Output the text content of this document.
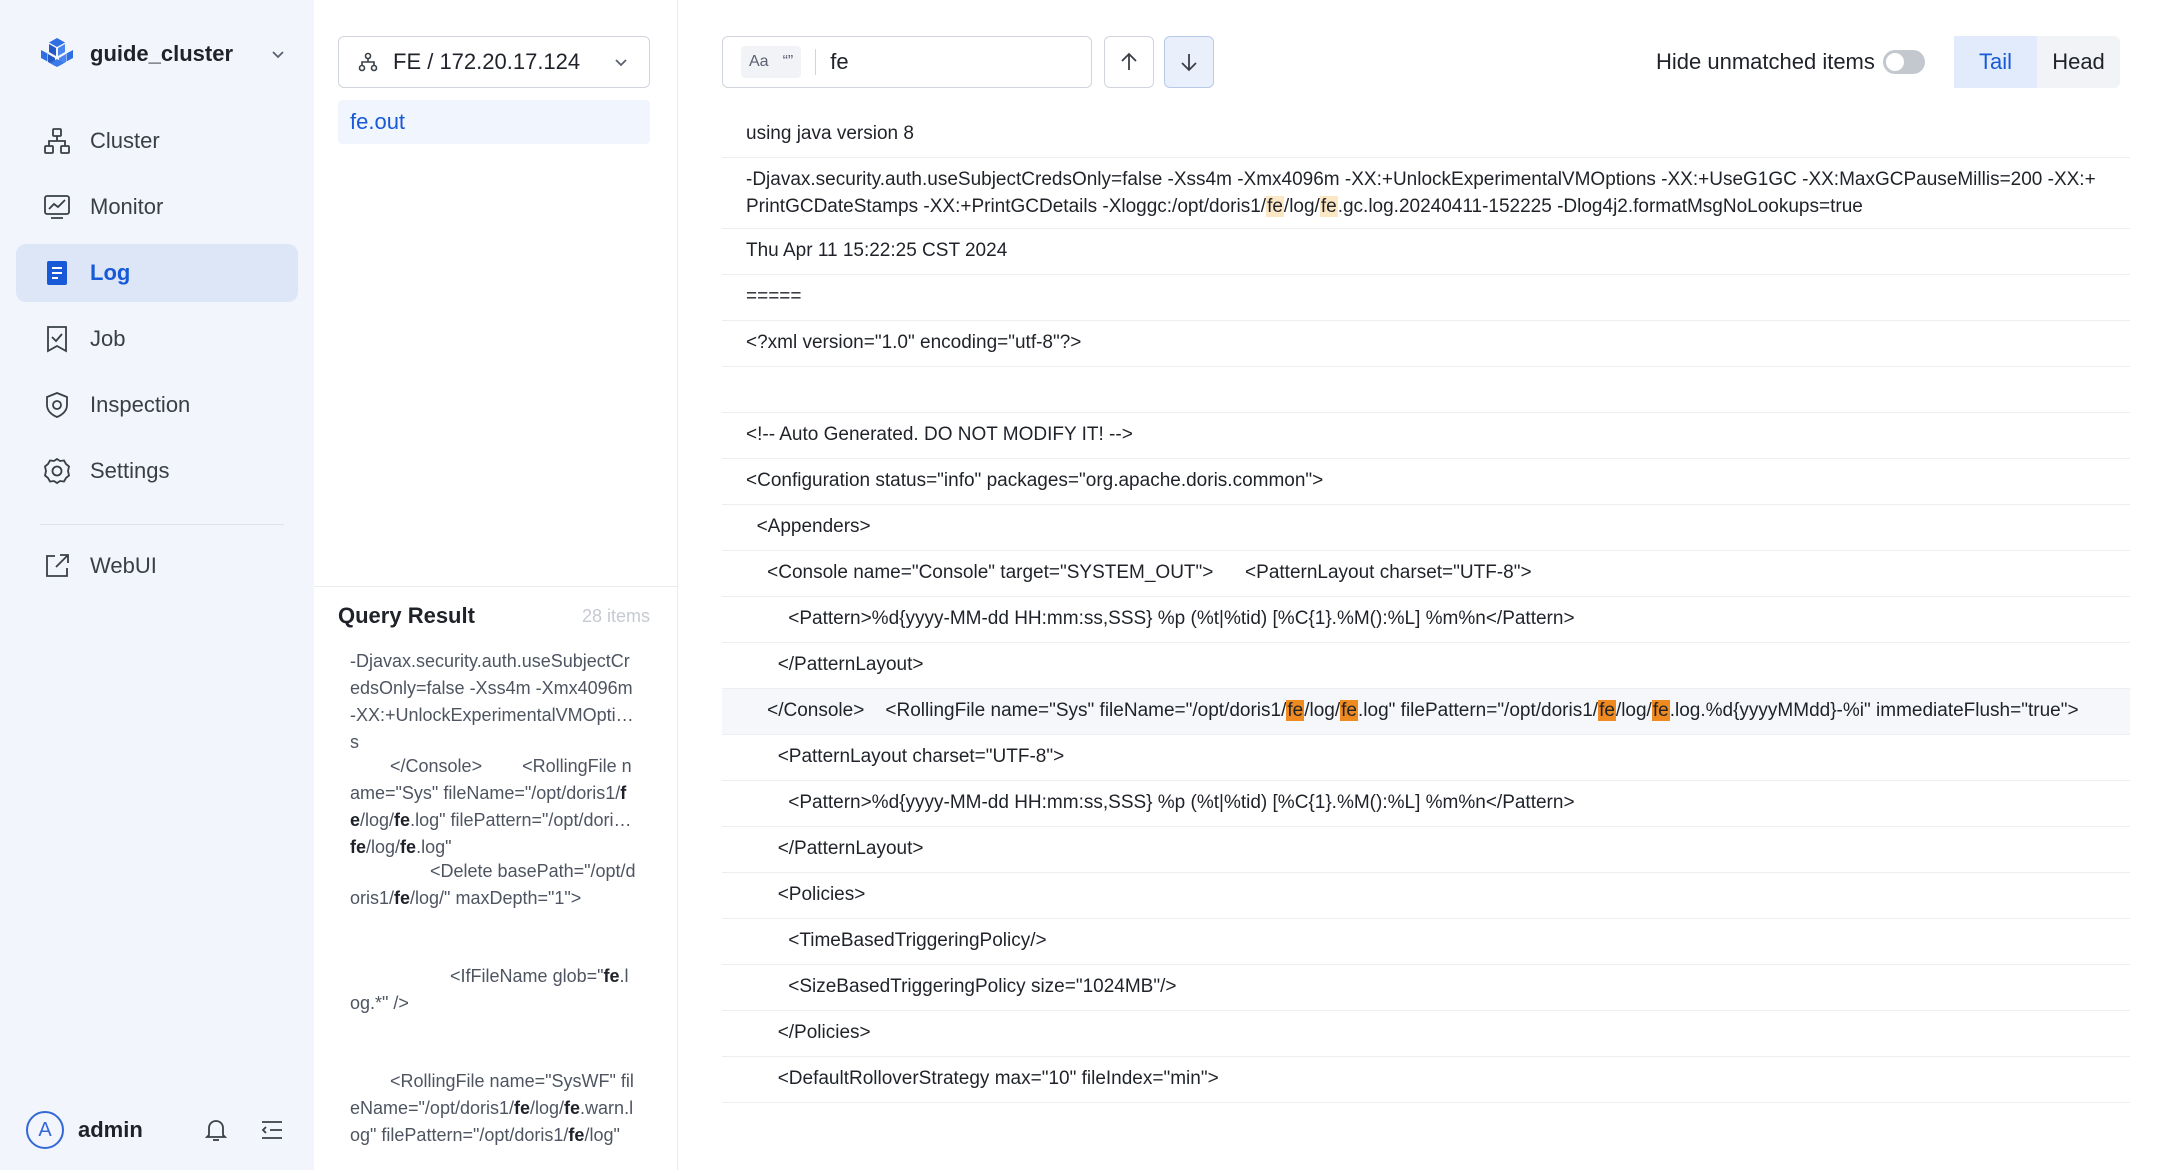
guide_cluster
Cluster
Monitor
Log
Job
Inspection
Settings
WebUI
A	admin
FE / 172.20.17.124
fe.out
Query Result	28 items
-Djavax.security.auth.useSubjectCredsOnly=false -Xss4m -Xmx4096m -XX:+UnlockExperimentalVMOptions
</Console>        <RollingFile name="Sys" fileName="/opt/doris1/fe/log/fe.log" filePattern="/opt/doris1/fe/log/fe.log"
<Delete basePath="/opt/doris1/fe/log/" maxDepth="1">
<IfFileName glob="fe.log.*" />
<RollingFile name="SysWF" fileName="/opt/doris1/fe/log/fe.warn.log" filePattern="/opt/doris1/fe/log"
Aa “”
fe	Hide unmatched items	Tail	Head
using java version 8
-Djavax.security.auth.useSubjectCredsOnly=false -Xss4m -Xmx4096m -XX:+UnlockExperimentalVMOptions -XX:+UseG1GC -XX:MaxGCPauseMillis=200 -XX:+PrintGCDateStamps -XX:+PrintGCDetails -Xloggc:/opt/doris1/fe/log/fe.gc.log.20240411-152225 -Dlog4j2.formatMsgNoLookups=true
Thu Apr 11 15:22:25 CST 2024
=====
<?xml version="1.0" encoding="utf-8"?>

<!-- Auto Generated. DO NOT MODIFY IT! -->
<Configuration status="info" packages="org.apache.doris.common">
<Appenders>
<Console name="Console" target="SYSTEM_OUT">      <PatternLayout charset="UTF-8">
<Pattern>%d{yyyy-MM-dd HH:mm:ss,SSS} %p (%t|%tid) [%C{1}.%M():%L] %m%n</Pattern>
</PatternLayout>
</Console>    <RollingFile name="Sys" fileName="/opt/doris1/fe/log/fe.log" filePattern="/opt/doris1/fe/log/fe.log.%d{yyyyMMdd}-%i" immediateFlush="true">
<PatternLayout charset="UTF-8">
<Pattern>%d{yyyy-MM-dd HH:mm:ss,SSS} %p (%t|%tid) [%C{1}.%M():%L] %m%n</Pattern>
</PatternLayout>
<Policies>
<TimeBasedTriggeringPolicy/>
<SizeBasedTriggeringPolicy size="1024MB"/>
</Policies>
<DefaultRolloverStrategy max="10" fileIndex="min">
